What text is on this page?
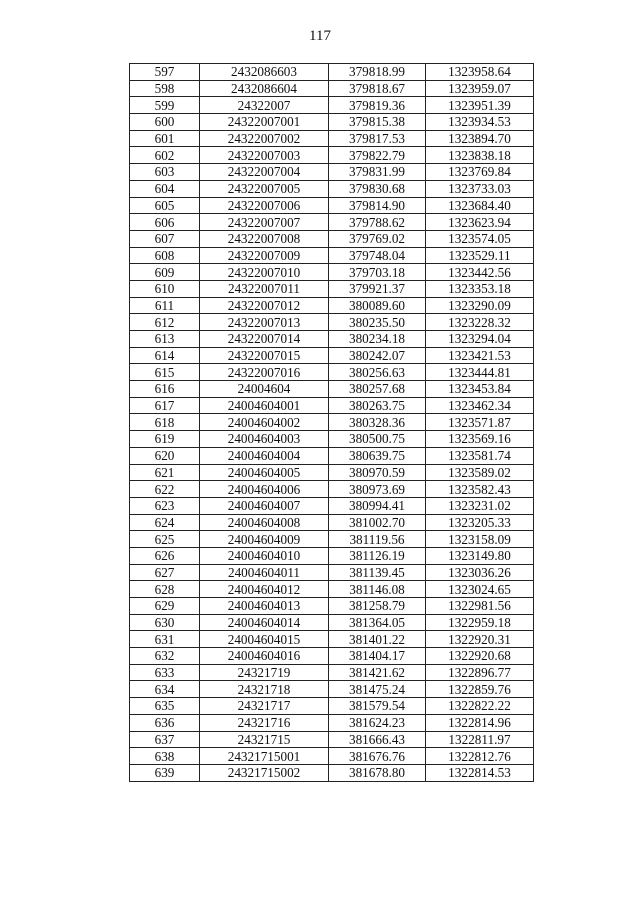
117
597	2432086603	379818.99	1323958.64
598	2432086604	379818.67	1323959.07
599	24322007	379819.36	1323951.39
600	24322007001	379815.38	1323934.53
601	24322007002	379817.53	1323894.70
602	24322007003	379822.79	1323838.18
603	24322007004	379831.99	1323769.84
604	24322007005	379830.68	1323733.03
605	24322007006	379814.90	1323684.40
606	24322007007	379788.62	1323623.94
607	24322007008	379769.02	1323574.05
608	24322007009	379748.04	1323529.11
609	24322007010	379703.18	1323442.56
610	24322007011	379921.37	1323353.18
611	24322007012	380089.60	1323290.09
612	24322007013	380235.50	1323228.32
613	24322007014	380234.18	1323294.04
614	24322007015	380242.07	1323421.53
615	24322007016	380256.63	1323444.81
616	24004604	380257.68	1323453.84
617	24004604001	380263.75	1323462.34
618	24004604002	380328.36	1323571.87
619	24004604003	380500.75	1323569.16
620	24004604004	380639.75	1323581.74
621	24004604005	380970.59	1323589.02
622	24004604006	380973.69	1323582.43
623	24004604007	380994.41	1323231.02
624	24004604008	381002.70	1323205.33
625	24004604009	381119.56	1323158.09
626	24004604010	381126.19	1323149.80
627	24004604011	381139.45	1323036.26
628	24004604012	381146.08	1323024.65
629	24004604013	381258.79	1322981.56
630	24004604014	381364.05	1322959.18
631	24004604015	381401.22	1322920.31
632	24004604016	381404.17	1322920.68
633	24321719	381421.62	1322896.77
634	24321718	381475.24	1322859.76
635	24321717	381579.54	1322822.22
636	24321716	381624.23	1322814.96
637	24321715	381666.43	1322811.97
638	24321715001	381676.76	1322812.76
639	24321715002	381678.80	1322814.53
